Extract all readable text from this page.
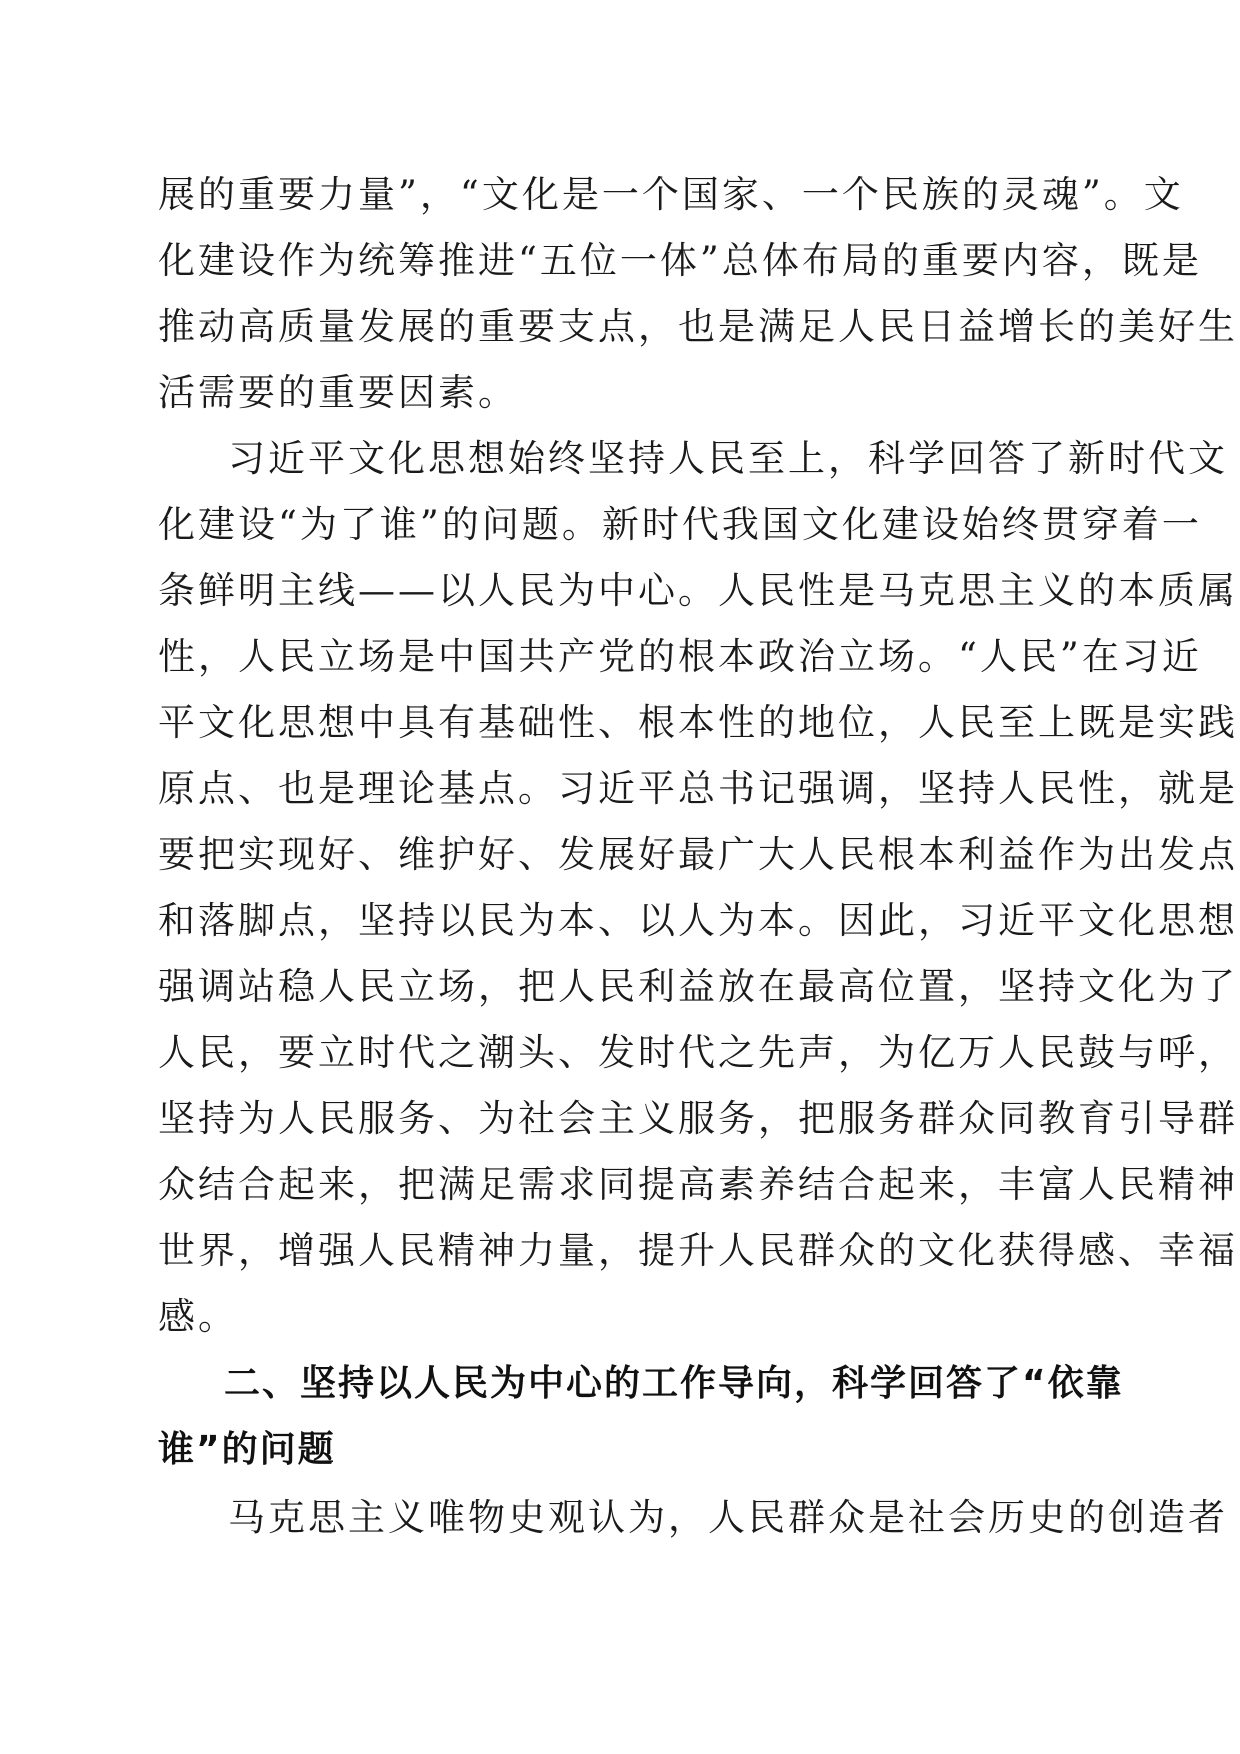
展的重要力量”，“文化是一个国家、一个民族的灵魂”。文
化建设作为统筹推进“五位一体”总体布局的重要内容，既是
推动高质量发展的重要支点，也是满足人民日益增长的美好生
活需要的重要因素。
习近平文化思想始终坚持人民至上，科学回答了新时代文
化建设“为了谁”的问题。新时代我国文化建设始终贯穿着一
条鲜明主线——以人民为中心。人民性是马克思主义的本质属
性，人民立场是中国共产党的根本政治立场。“人民”在习近
平文化思想中具有基础性、根本性的地位，人民至上既是实践
原点、也是理论基点。习近平总书记强调，坚持人民性，就是
要把实现好、维护好、发展好最广大人民根本利益作为出发点
和落脚点，坚持以民为本、以人为本。因此，习近平文化思想
强调站稳人民立场，把人民利益放在最高位置，坚持文化为了
人民，要立时代之潮头、发时代之先声，为亿万人民鼓与呼，
坚持为人民服务、为社会主义服务，把服务群众同教育引导群
众结合起来，把满足需求同提高素养结合起来，丰富人民精神
世界，增强人民精神力量，提升人民群众的文化获得感、幸福
感。
二、坚持以人民为中心的工作导向，科学回答了“依靠
谁”的问题
马克思主义唯物史观认为，人民群众是社会历史的创造者
